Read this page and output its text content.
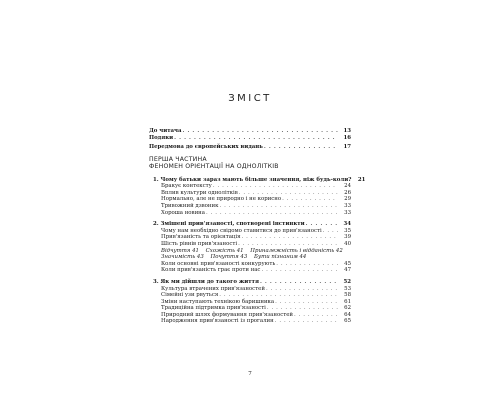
ЗМІСТ
До читача . . .	13
Подяки . . .	16
Передмова до європейських видань . . .	17
ПЕРША ЧАСТИНА
ФЕНОМЕН ОРІЄНТАЦІЇ НА ОДНОЛІТКІВ
1. Чому батьки зараз мають більше значення, ніж будь-коли?	21
Бракує контексту . . .	24
Вплив культури однолітків . . .	26
Нормально, але не природно і не корисно . . .	29
Тривожний дзвоник . . .	33
Хороша новина . . .	33
2. Змішені прив'язаності, спотворені інстинкти . . .	34
Чому нам необхідно свідомо ставитися до прив'язаності . . .	35
Прив'язаність та орієнтація . . .	39
Шість рівнів прив'язаності . . .	40
Відчуття 41 Схожість 41 Приналежність і відданість 42
Значимість 43 Почуття 43 Бути пізнаним 44
Коли основні прив'язаності конкурують . . .	45
Коли прив'язаність грає проти нас . . .	47
3. Як ми дійшли до такого життя . . .	52
Культура втрачених прив'язаностей . . .	53
Сімейні узи рвуться . . .	58
Зміни наступають технікою баришника . . .	61
Традиційна підтримка прив'язаності . . .	62
Природний шлях формування прив'язаностей . . .	64
Народження прив'язаності із прогалин . . .	65
7
